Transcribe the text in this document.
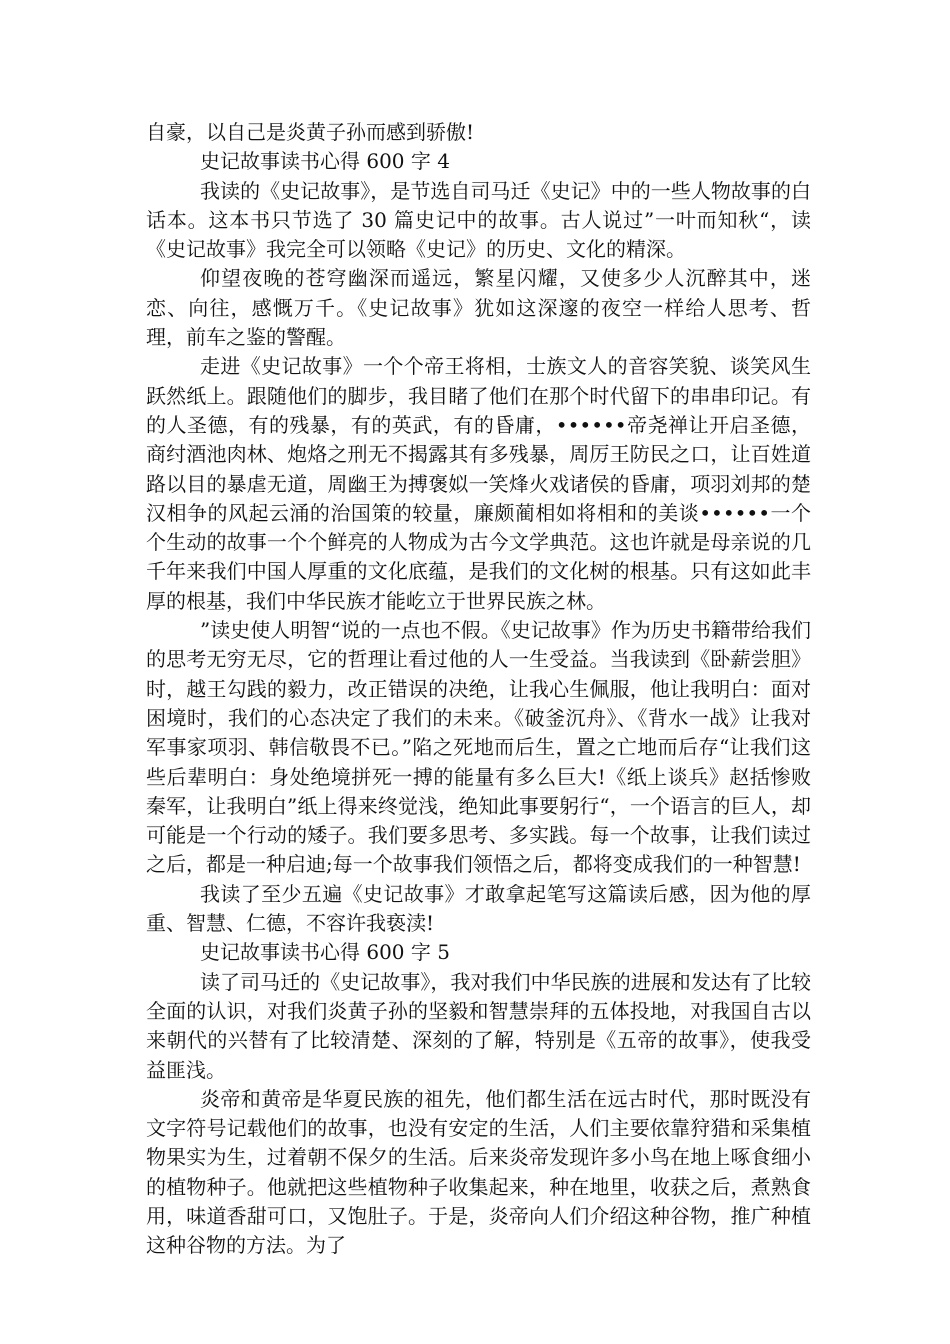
自豪，以自己是炎黄子孙而感到骄傲!

史记故事读书心得 600 字 4

我读的《史记故事》，是节选自司马迁《史记》中的一些人物故事的白话本。这本书只节选了 30 篇史记中的故事。古人说过”一叶而知秋“，读《史记故事》我完全可以领略《史记》的历史、文化的精深。

仰望夜晚的苍穹幽深而遥远，繁星闪耀，又使多少人沉醉其中，迷恋、向往，感慨万千。《史记故事》犹如这深邃的夜空一样给人思考、哲理，前车之鉴的警醒。

走进《史记故事》一个个帝王将相，士族文人的音容笑貌、谈笑风生跃然纸上。跟随他们的脚步，我目睹了他们在那个时代留下的串串印记。有的人圣德，有的残暴，有的英武，有的昏庸，••••••帝尧禅让开启圣德，商纣酒池肉林、炮烙之刑无不揭露其有多残暴，周厉王防民之口，让百姓道路以目的暴虐无道，周幽王为搏褒姒一笑烽火戏诸侯的昏庸，项羽刘邦的楚汉相争的风起云涌的治国策的较量，廉颇蔺相如将相和的美谈••••••一个个生动的故事一个个鲜亮的人物成为古今文学典范。这也许就是母亲说的几千年来我们中国人厚重的文化底蕴，是我们的文化树的根基。只有这如此丰厚的根基，我们中华民族才能屹立于世界民族之林。

”读史使人明智“说的一点也不假。《史记故事》作为历史书籍带给我们的思考无穷无尽，它的哲理让看过他的人一生受益。当我读到《卧薪尝胆》时，越王勾践的毅力，改正错误的决绝，让我心生佩服，他让我明白：面对困境时，我们的心态决定了我们的未来。《破釜沉舟》、《背水一战》让我对军事家项羽、韩信敬畏不已。”陷之死地而后生，置之亡地而后存“让我们这些后辈明白：身处绝境拼死一搏的能量有多么巨大!《纸上谈兵》赵括惨败秦军，让我明白”纸上得来终觉浅，绝知此事要躬行“，一个语言的巨人，却可能是一个行动的矮子。我们要多思考、多实践。每一个故事，让我们读过之后，都是一种启迪;每一个故事我们领悟之后，都将变成我们的一种智慧!

我读了至少五遍《史记故事》才敢拿起笔写这篇读后感，因为他的厚重、智慧、仁德，不容许我亵渎!

史记故事读书心得 600 字 5

读了司马迁的《史记故事》，我对我们中华民族的进展和发达有了比较全面的认识，对我们炎黄子孙的坚毅和智慧崇拜的五体投地，对我国自古以来朝代的兴替有了比较清楚、深刻的了解，特别是《五帝的故事》，使我受益匪浅。

炎帝和黄帝是华夏民族的祖先，他们都生活在远古时代，那时既没有文字符号记载他们的故事，也没有安定的生活，人们主要依靠狩猎和采集植物果实为生，过着朝不保夕的生活。后来炎帝发现许多小鸟在地上啄食细小的植物种子。他就把这些植物种子收集起来，种在地里，收获之后，煮熟食用，味道香甜可口，又饱肚子。于是，炎帝向人们介绍这种谷物，推广种植这种谷物的方法。为了
